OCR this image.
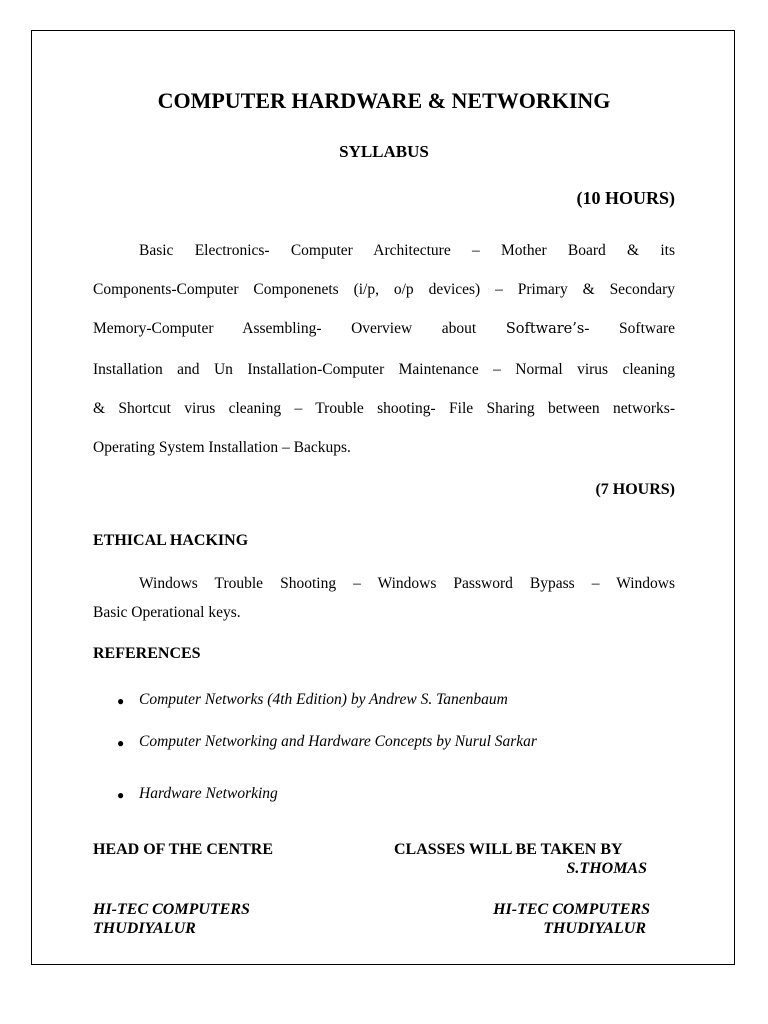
COMPUTER HARDWARE & NETWORKING
SYLLABUS
(10 HOURS)
Basic Electronics- Computer Architecture – Mother Board & its
Components-Computer Componenets (i/p, o/p devices) – Primary & Secondary
Memory-Computer Assembling- Overview about Software’s- Software
Installation and Un Installation-Computer Maintenance – Normal virus cleaning
& Shortcut virus cleaning – Trouble shooting- File Sharing between networks-
Operating System Installation – Backups.
(7 HOURS)
ETHICAL HACKING
Windows Trouble Shooting – Windows Password Bypass – Windows
Basic Operational keys.
REFERENCES
● Computer Networks (4th Edition) by Andrew S. Tanenbaum
● Computer Networking and Hardware Concepts by Nurul Sarkar
● Hardware Networking
HEAD OF THE CENTRE	CLASSES WILL BE TAKEN BY
S.THOMAS
HI-TEC COMPUTERS
THUDIYALUR
HI-TEC COMPUTERS
THUDIYALUR
